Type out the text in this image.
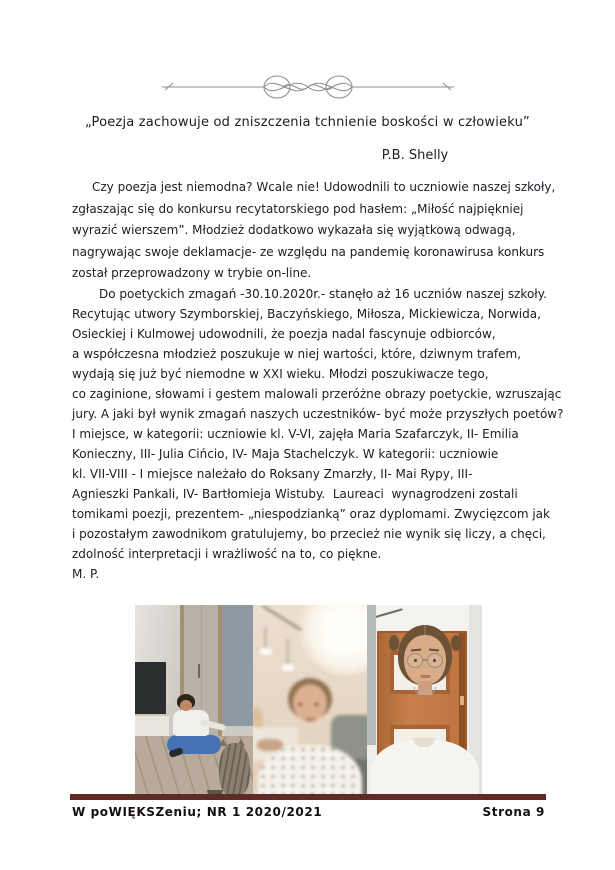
„Poezja zachowuje od zniszczenia tchnienie boskości w człowieku”
P.B. Shelly
Czy poezja jest niemodna? Wcale nie! Udowodnili to uczniowie naszej szkoły,
zgłaszając się do konkursu recytatorskiego pod hasłem: „Miłość najpiękniej
wyrazić wierszem”. Młodzież dodatkowo wykazała się wyjątkową odwagą,
nagrywając swoje deklamacje- ze względu na pandemię koronawirusa konkurs
został przeprowadzony w trybie on-line.
Do poetyckich zmagań -30.10.2020r.- stanęło aż 16 uczniów naszej szkoły.
Recytując utwory Szymborskiej, Baczyńskiego, Miłosza, Mickiewicza, Norwida,
Osieckiej i Kulmowej udowodnili, że poezja nadal fascynuje odbiorców,
a współczesna młodzież poszukuje w niej wartości, które, dziwnym trafem,
wydają się już być niemodne w XXI wieku. Młodzi poszukiwacze tego,
co zaginione, słowami i gestem malowali przeróżne obrazy poetyckie, wzruszając
jury. A jaki był wynik zmagań naszych uczestników- być może przyszłych poetów?
I miejsce, w kategorii: uczniowie kl. V-VI, zajęła Maria Szafarczyk, II- Emilia
Konieczny, III- Julia Cińcio, IV- Maja Stachelczyk. W kategorii: uczniowie
kl. VII-VIII - I miejsce należało do Roksany Zmarzły, II- Mai Rypy, III-
Agnieszki Pankali, IV- Bartłomieja Wistuby.  Laureaci  wynagrodzeni zostali
tomikami poezji, prezentem- „niespodzianką” oraz dyplomami. Zwycięzcom jak
i pozostałym zawodnikom gratulujemy, bo przecież nie wynik się liczy, a chęci,
zdolność interpretacji i wrażliwość na to, co piękne.
M. P.
W poWIĘKSZeniu; NR 1 2020/2021	Strona 9
